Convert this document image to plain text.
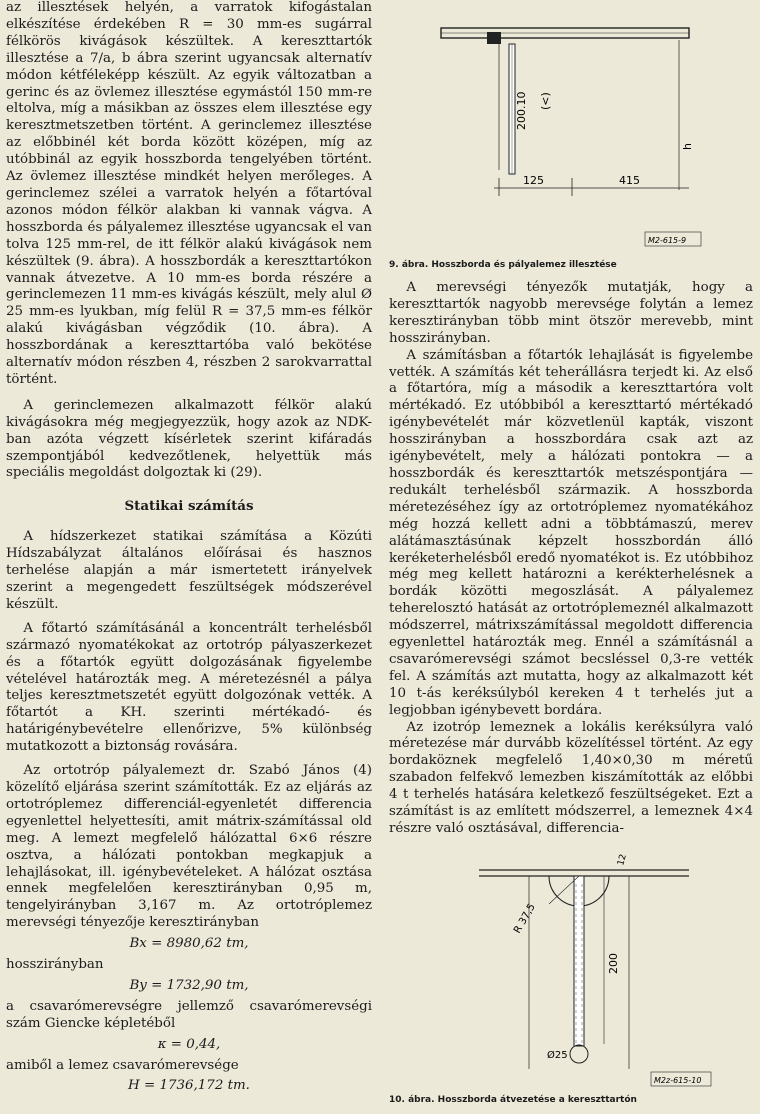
az illesztések helyén, a varratok kifogástalan elkészítése érdekében R = 30 mm-es sugárral félkörös kivágások készültek. A kereszttartók illesztése a 7/a, b ábra szerint ugyancsak alternatív módon kétféleképp készült. Az egyik változatban a gerinc és az övlemez illesztése egymástól 150 mm-re eltolva, míg a másikban az összes elem illesztése egy keresztmetszetben történt. A gerinclemez illesztése az előbbinél két borda között középen, míg az utóbbinál az egyik hosszborda tengelyében történt. Az övlemez illesztése mindkét helyen merőleges. A gerinclemez szélei a varratok helyén a főtartóval azonos módon félkör alakban ki vannak vágva. A hosszborda és pályalemez illesztése ugyancsak el van tolva 125 mm-rel, de itt félkör alakú kivágások nem készültek (9. ábra). A hosszbordák a kereszttartókon vannak átvezetve. A 10 mm-es borda részére a gerinclemezen 11 mm-es kivágás készült, mely alul Ø 25 mm-es lyukban, míg felül R = 37,5 mm-es félkör alakú kivágásban végződik (10. ábra). A hosszbordának a kereszttartóba való bekötése alternatív módon részben 4, részben 2 sarokvarrattal történt.

A gerinclemezen alkalmazott félkör alakú kivágásokra még megjegyezzük, hogy azok az NDK-ban azóta végzett kísérletek szerint kifáradás szempontjából kedvezőtlenek, helyettük más speciális megoldást dolgoztak ki (29).

Statikai számítás

A hídszerkezet statikai számítása a Közúti Hídszabályzat általános előírásai és hasznos terhelése alapján a már ismertetett irányelvek szerint a megengedett feszültségek módszerével készült.

A főtartó számításánál a koncentrált terhelésből származó nyomatékokat az ortotróp pályaszerkezet és a főtartók együtt dolgozásának figyelembe vételével határozták meg. A méretezésnél a pálya teljes keresztmetszetét együtt dolgozónak vették. A főtartót a KH. szerinti mértékadó- és határigénybevételre ellenőrizve, 5% különbség mutatkozott a biztonság rovására.

Az ortotróp pályalemezt dr. Szabó János (4) közelítő eljárása szerint számították. Ez az eljárás az ortotróplemez differenciál-egyenletét differencia egyenlettel helyettesíti, amit mátrix-számítással old meg. A lemezt megfelelő hálózattal 6×6 részre osztva, a hálózati pontokban megkapjuk a lehajlásokat, ill. igénybevételeket. A hálózat osztása ennek megfelelően keresztirányban 0,95 m, tengelyirányban 3,167 m. Az ortotróplemez merevségi tényezője keresztirányban

Bx = 8980,62 tm,

hosszirányban

By = 1732,90 tm,

a csavarómerevségre jellemző csavarómerevségi szám Giencke képletéből

κ = 0,44,

amiből a lemez csavarómerevsége

H = 1736,172 tm.
200.10 (<)
125	415
h
M2-615-9
9. ábra. Hosszborda és pályalemez illesztése

A merevségi tényezők mutatják, hogy a kereszttartók nagyobb merevsége folytán a lemez keresztirányban több mint ötször merevebb, mint hosszirányban.

A számításban a főtartók lehajlását is figyelembe vették. A számítás két teherállásra terjedt ki. Az első a főtartóra, míg a második a kereszttartóra volt mértékadó. Ez utóbbiból a kereszttartó mértékadó igénybevételét már közvetlenül kapták, viszont hosszirányban a hosszbordára csak azt az igénybevételt, mely a hálózati pontokra — a hosszbordák és kereszttartók metszéspontjára — redukált terhelésből származik. A hosszborda méretezéséhez így az ortotróplemez nyomatékához még hozzá kellett adni a többtámaszú, merev alátámasztásúnak képzelt hosszbordán álló keréketerhelésből eredő nyomatékot is. Ez utóbbihoz még meg kellett határozni a kerékterhelésnek a bordák közötti megoszlását. A pályalemez teherelosztó hatását az ortotróplemeznél alkalmazott módszerrel, mátrixszámítással megoldott differencia egyenlettel határozták meg. Ennél a számításnál a csavarómerevségi számot becsléssel 0,3-re vették fel. A számítás azt mutatta, hogy az alkalmazott két 10 t-ás keréksúlyból kereken 4 t terhelés jut a legjobban igénybevett bordára.

Az izotróp lemeznek a lokális keréksúlyra való méretezése már durvább közelítéssel történt. Az egy bordaköznek megfelelő 1,40×0,30 m méretű szabadon felfekvő lemezben kiszámították az előbbi 4 t terhelés hatására keletkező feszültségeket. Ezt a számítást is az említett módszerrel, a lemeznek 4×4 részre való osztásával, differencia-

200
R 37,5
12
Ø25
M2z-615-10
10. ábra. Hosszborda átvezetése a kereszttartón
